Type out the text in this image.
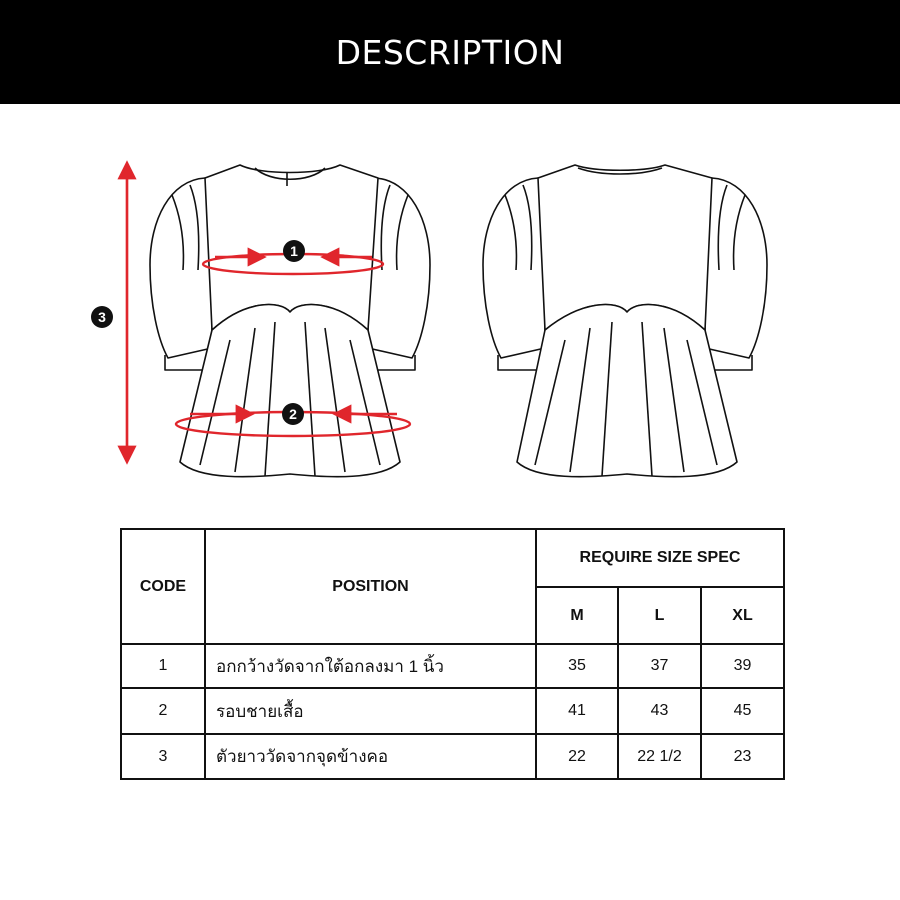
DESCRIPTION
1
2
3
CODE	POSITION	REQUIRE SIZE SPEC		
		M	L	XL
1	อกกว้างวัดจากใต้อกลงมา 1 นิ้ว	35	37	39
2	รอบชายเสื้อ	41	43	45
3	ตัวยาววัดจากจุดข้างคอ	22	22 1/2	23
